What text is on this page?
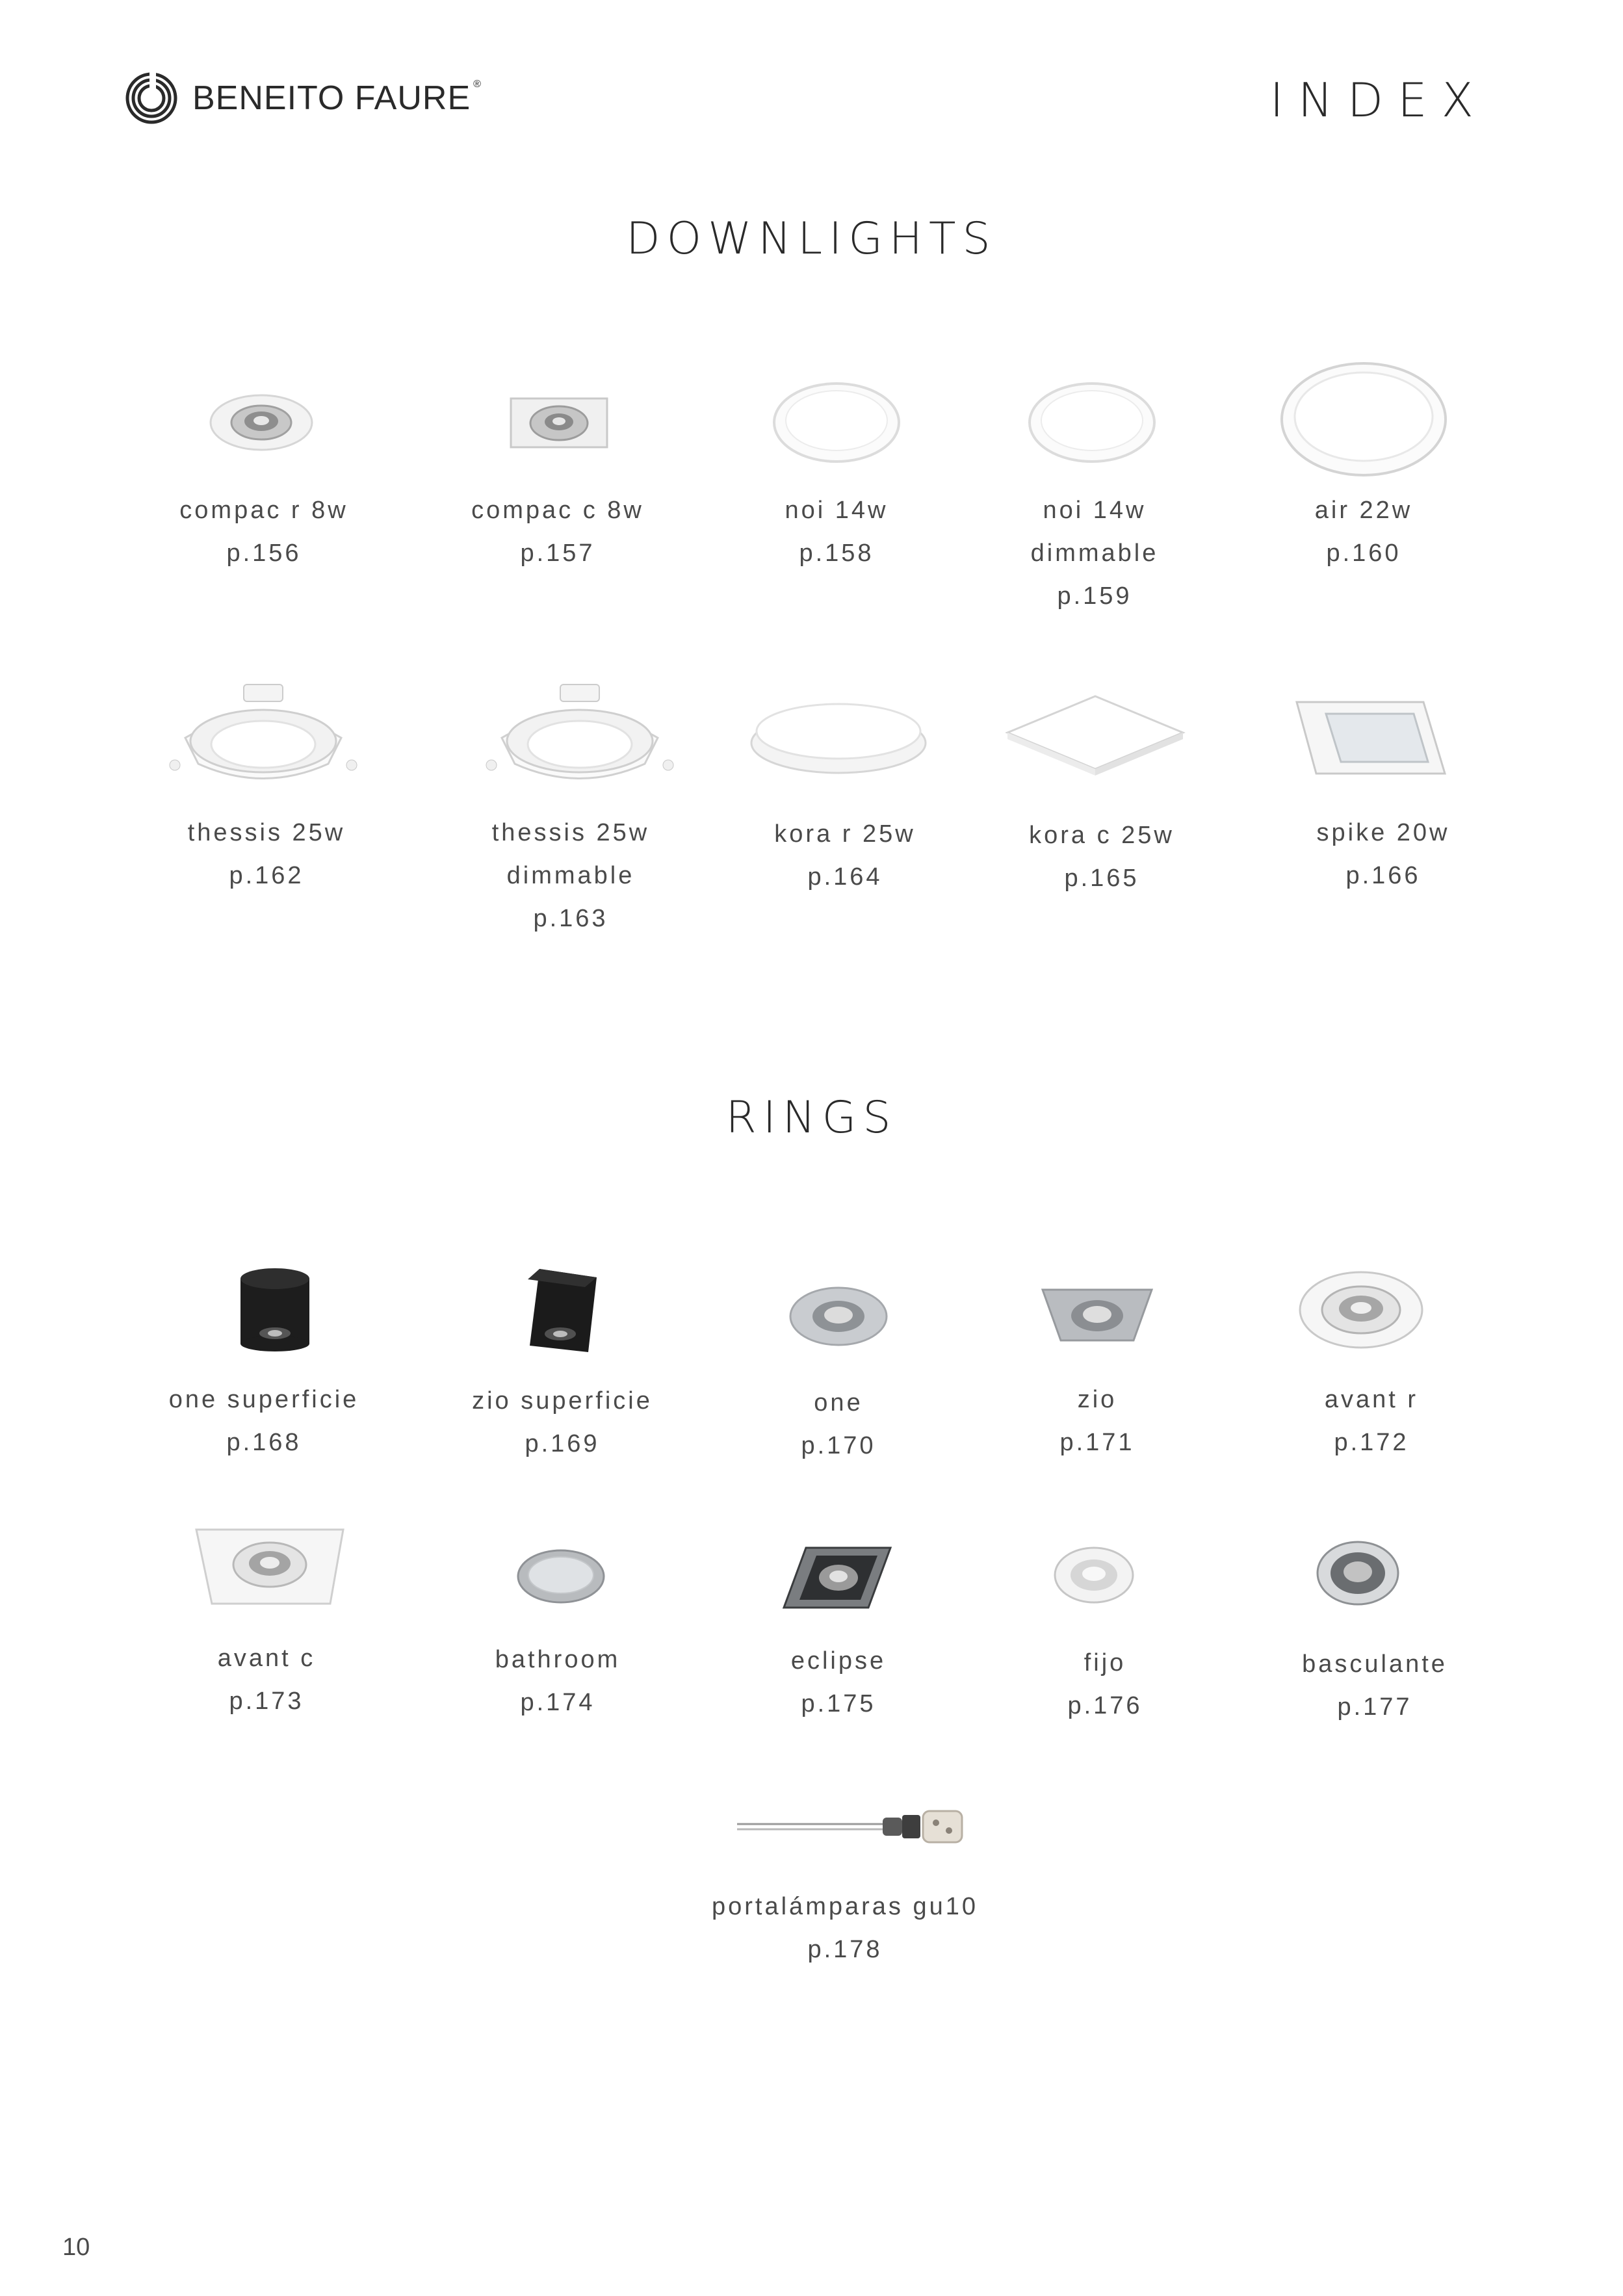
BENEITO FAURE ®	INDEX
DOWNLIGHTS
compac r 8w
p.156
compac c 8w
p.157
noi 14w
p.158
noi 14w
dimmable
p.159
air 22w
p.160
thessis 25w
p.162
thessis 25w
dimmable
p.163
kora r 25w
p.164
kora c 25w
p.165
spike 20w
p.166
RINGS
one superficie
p.168
zio superficie
p.169
one
p.170
zio
p.171
avant r
p.172
avant c
p.173
bathroom
p.174
eclipse
p.175
fijo
p.176
basculante
p.177
portalámparas gu10
p.178
10
